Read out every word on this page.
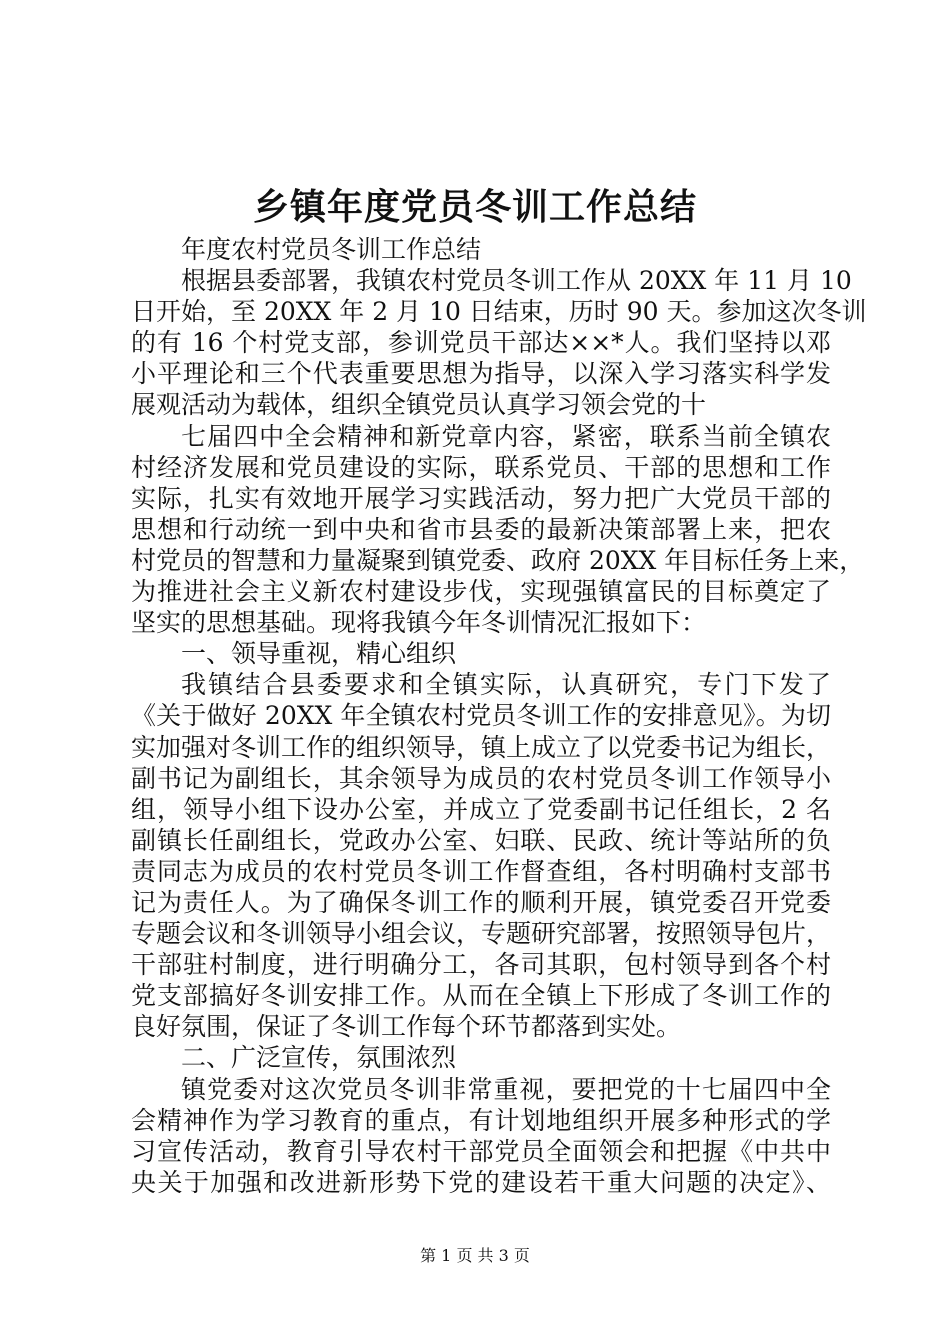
乡镇年度党员冬训工作总结
年度农村党员冬训工作总结
根据县委部署，我镇农村党员冬训工作从 20XX 年 11 月 10
日开始，至 20XX 年 2 月 10 日结束，历时 90 天。参加这次冬训
的有 16 个村党支部，参训党员干部达××*人。我们坚持以邓
小平理论和三个代表重要思想为指导，以深入学习落实科学发
展观活动为载体，组织全镇党员认真学习领会党的十
七届四中全会精神和新党章内容，紧密，联系当前全镇农
村经济发展和党员建设的实际，联系党员、干部的思想和工作
实际，扎实有效地开展学习实践活动，努力把广大党员干部的
思想和行动统一到中央和省市县委的最新决策部署上来，把农
村党员的智慧和力量凝聚到镇党委、政府 20XX 年目标任务上来，
为推进社会主义新农村建设步伐，实现强镇富民的目标奠定了
坚实的思想基础。现将我镇今年冬训情况汇报如下：
一、领导重视，精心组织
我镇结合县委要求和全镇实际，认真研究，专门下发了
《关于做好 20XX 年全镇农村党员冬训工作的安排意见》。为切
实加强对冬训工作的组织领导，镇上成立了以党委书记为组长，
副书记为副组长，其余领导为成员的农村党员冬训工作领导小
组，领导小组下设办公室，并成立了党委副书记任组长，2 名
副镇长任副组长，党政办公室、妇联、民政、统计等站所的负
责同志为成员的农村党员冬训工作督查组，各村明确村支部书
记为责任人。为了确保冬训工作的顺利开展，镇党委召开党委
专题会议和冬训领导小组会议，专题研究部署，按照领导包片，
干部驻村制度，进行明确分工，各司其职，包村领导到各个村
党支部搞好冬训安排工作。从而在全镇上下形成了冬训工作的
良好氛围，保证了冬训工作每个环节都落到实处。
二、广泛宣传，氛围浓烈
镇党委对这次党员冬训非常重视，要把党的十七届四中全
会精神作为学习教育的重点，有计划地组织开展多种形式的学
习宣传活动，教育引导农村干部党员全面领会和把握《中共中
央关于加强和改进新形势下党的建设若干重大问题的决定》、
第 1 页 共 3 页
